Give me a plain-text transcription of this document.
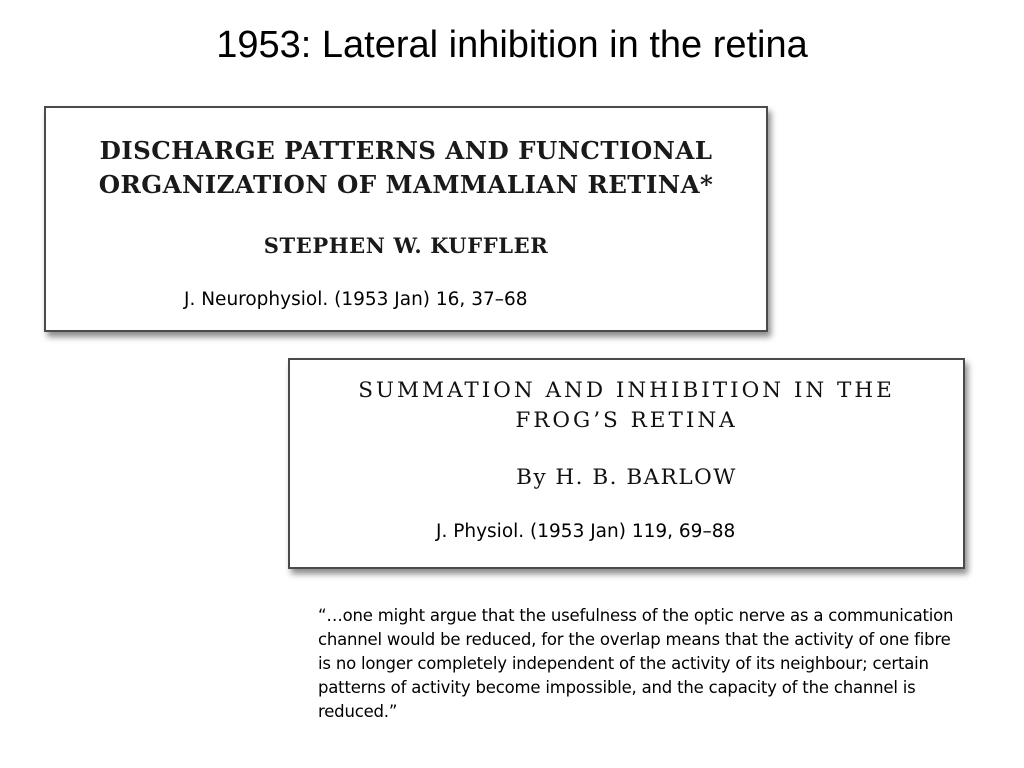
1953: Lateral inhibition in the retina
DISCHARGE PATTERNS AND FUNCTIONAL
ORGANIZATION OF MAMMALIAN RETINA*
STEPHEN W. KUFFLER
J. Neurophysiol. (1953 Jan) 16, 37–68
SUMMATION AND INHIBITION IN THE
FROG’S RETINA
By H. B. BARLOW
J. Physiol. (1953 Jan) 119, 69–88

“…one might argue that the usefulness of the optic nerve as a communication channel would be reduced, for the overlap means that the activity of one fibre is no longer completely independent of the activity of its neighbour; certain patterns of activity become impossible, and the capacity of the channel is reduced.”
